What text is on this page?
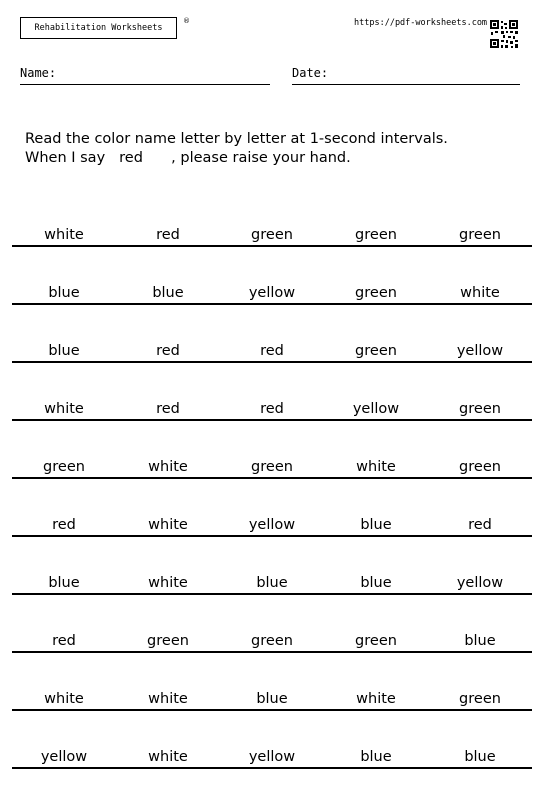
Rehabilitation Worksheets
®	https://pdf-worksheets.com
Name:	Date:
Read the color name letter by letter at 1-second intervals.
When I say red , please raise your hand.
white	red	green	green	green
blue	blue	yellow	green	white
blue	red	red	green	yellow
white	red	red	yellow	green
green	white	green	white	green
red	white	yellow	blue	red
blue	white	blue	blue	yellow
red	green	green	green	blue
white	white	blue	white	green
yellow	white	yellow	blue	blue
